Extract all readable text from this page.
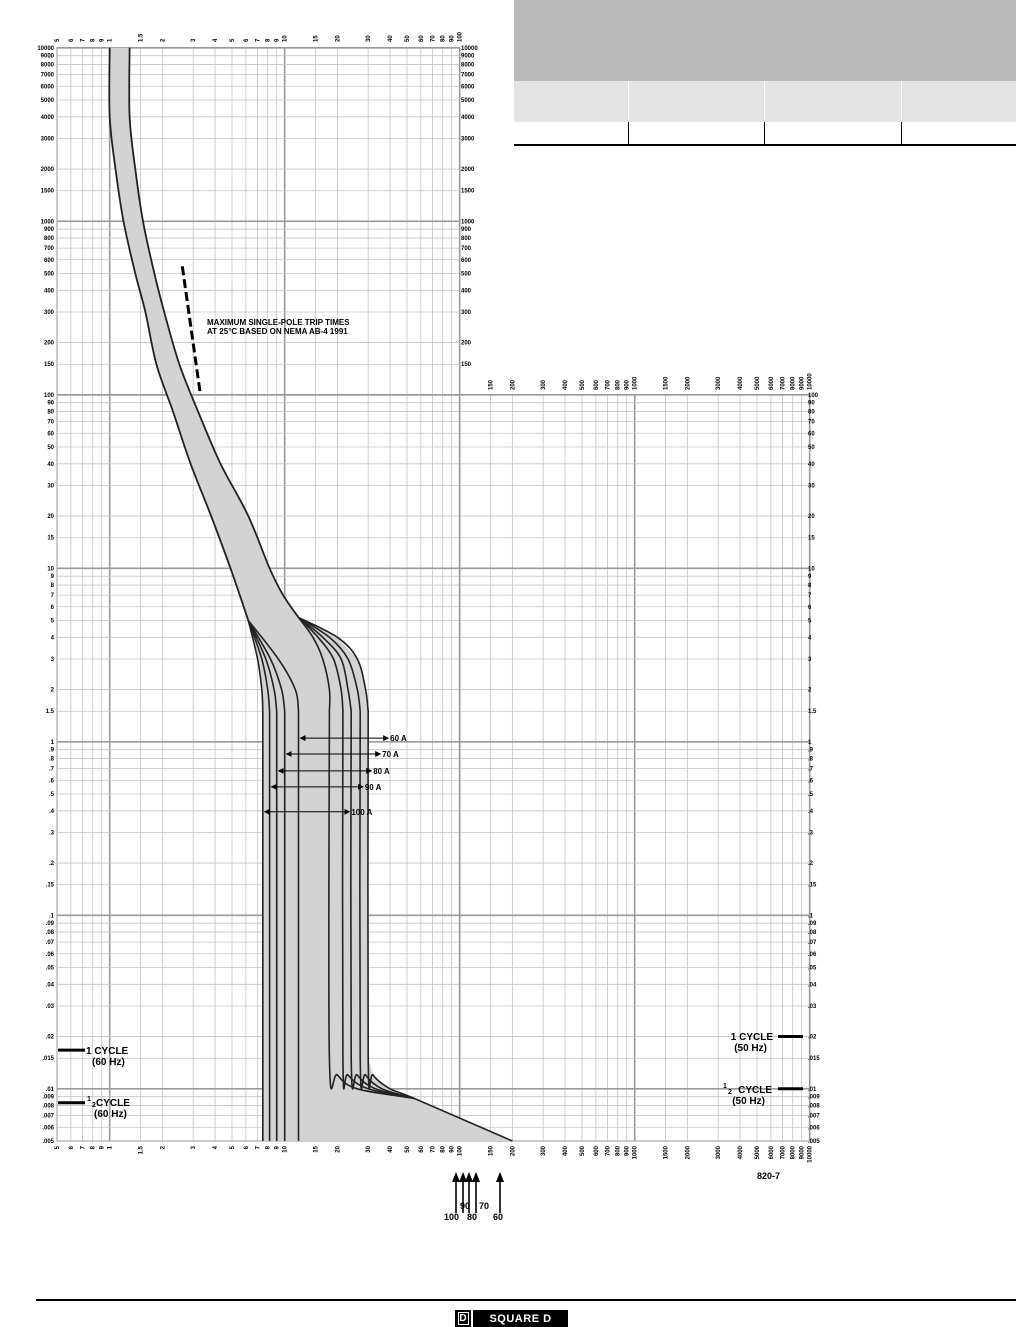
60 A
70 A
80 A
90 A
100 A
5 6 7 8 9 1	1.5	2	3	4 5 6 7 8 9 10	15	20	30	40 50 60 70 80 90 100
5 6 7 8 9 1	1.5	2	3	4 5 6 7 8 9 10	15	20	30	40 50 60 70 80 90 100	150	200	300	400 500 600 700 800 900 1000	1500	2000	3000	4000 5000 6000 7000 8000 9000 10000
150	200	300	400 500 600 700 800 900 1000	1500	2000	3000	4000 5000 6000 7000 8000 9000 10000
10000
9000
8000
7000
6000
5000
4000
3000
2000
1500
1000
900
800
700
600
500
400
300
200
150
100
90
80
70
60
50
40
30
20
15
10
9
8
7
6
5
4
3
2
1.5
1
.9
.8
.7
.6
.5
.4
.3
.2
.15
.1
.09
.08
.07
.06
.05
.04
.03
.02
.015
.01
.009
.008
.007
.006
.005
10000
9000
8000
7000
6000
5000
4000
3000
2000
1500
1000
900
800
700
600
500
400
300
200
150
100
90
80
70
60
50
40
30
20
15
10
9
8
7
6
5
4
3
2
1.5
1
.9
.8
.7
.6
.5
.4
.3
.2
.15
.1
.09
.08
.07
.06
.05
.04
.03
.02
.015
.01
.009
.008
.007
.006
.005
MAXIMUM SINGLE-POLE TRIP TIMES
AT 25°C BASED ON NEMA AB-4 1991
1 CYCLE
(60 Hz)
1
2 CYCLE
(60 Hz)
1 CYCLE
(50 Hz)
1
2 CYCLE
(50 Hz)
820-7
90 70
100 80 60
D	SQUARE D
